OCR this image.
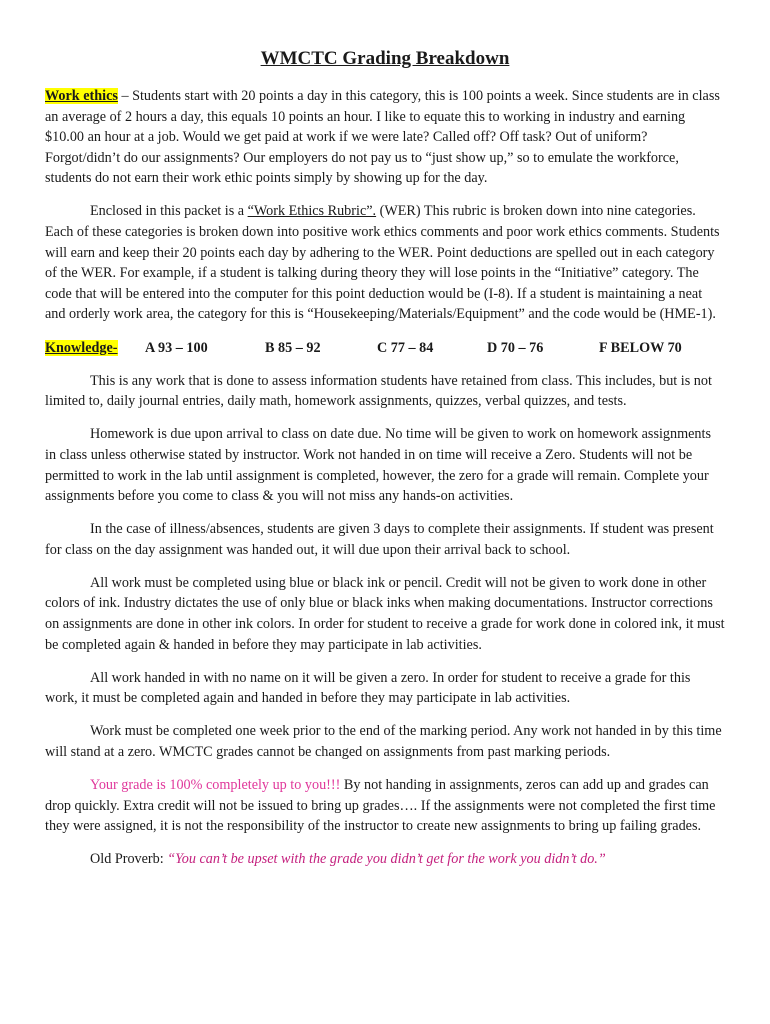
WMCTC Grading Breakdown

Work ethics – Students start with 20 points a day in this category, this is 100 points a week. Since students are in class an average of 2 hours a day, this equals 10 points an hour. I like to equate this to working in industry and earning $10.00 an hour at a job. Would we get paid at work if we were late? Called off? Off task? Out of uniform? Forgot/didn’t do our assignments? Our employers do not pay us to “just show up,” so to emulate the workforce, students do not earn their work ethic points simply by showing up for the day.

Enclosed in this packet is a “Work Ethics Rubric”. (WER) This rubric is broken down into nine categories. Each of these categories is broken down into positive work ethics comments and poor work ethics comments. Students will earn and keep their 20 points each day by adhering to the WER. Point deductions are spelled out in each category of the WER. For example, if a student is talking during theory they will lose points in the “Initiative” category. The code that will be entered into the computer for this point deduction would be (I-8). If a student is maintaining a neat and orderly work area, the category for this is “Housekeeping/Materials/Equipment” and the code would be (HME-1).

Knowledge-	A 93 – 100	B 85 – 92	C 77 – 84	D 70 – 76	F BELOW 70

This is any work that is done to assess information students have retained from class. This includes, but is not limited to, daily journal entries, daily math, homework assignments, quizzes, verbal quizzes, and tests.

Homework is due upon arrival to class on date due. No time will be given to work on homework assignments in class unless otherwise stated by instructor. Work not handed in on time will receive a Zero. Students will not be permitted to work in the lab until assignment is completed, however, the zero for a grade will remain. Complete your assignments before you come to class & you will not miss any hands-on activities.

In the case of illness/absences, students are given 3 days to complete their assignments. If student was present for class on the day assignment was handed out, it will due upon their arrival back to school.

All work must be completed using blue or black ink or pencil. Credit will not be given to work done in other colors of ink. Industry dictates the use of only blue or black inks when making documentations. Instructor corrections on assignments are done in other ink colors. In order for student to receive a grade for work done in colored ink, it must be completed again & handed in before they may participate in lab activities.

All work handed in with no name on it will be given a zero. In order for student to receive a grade for this work, it must be completed again and handed in before they may participate in lab activities.

Work must be completed one week prior to the end of the marking period. Any work not handed in by this time will stand at a zero. WMCTC grades cannot be changed on assignments from past marking periods.

Your grade is 100% completely up to you!!! By not handing in assignments, zeros can add up and grades can drop quickly. Extra credit will not be issued to bring up grades…. If the assignments were not completed the first time they were assigned, it is not the responsibility of the instructor to create new assignments to bring up failing grades.

Old Proverb: “You can’t be upset with the grade you didn’t get for the work you didn’t do.”
